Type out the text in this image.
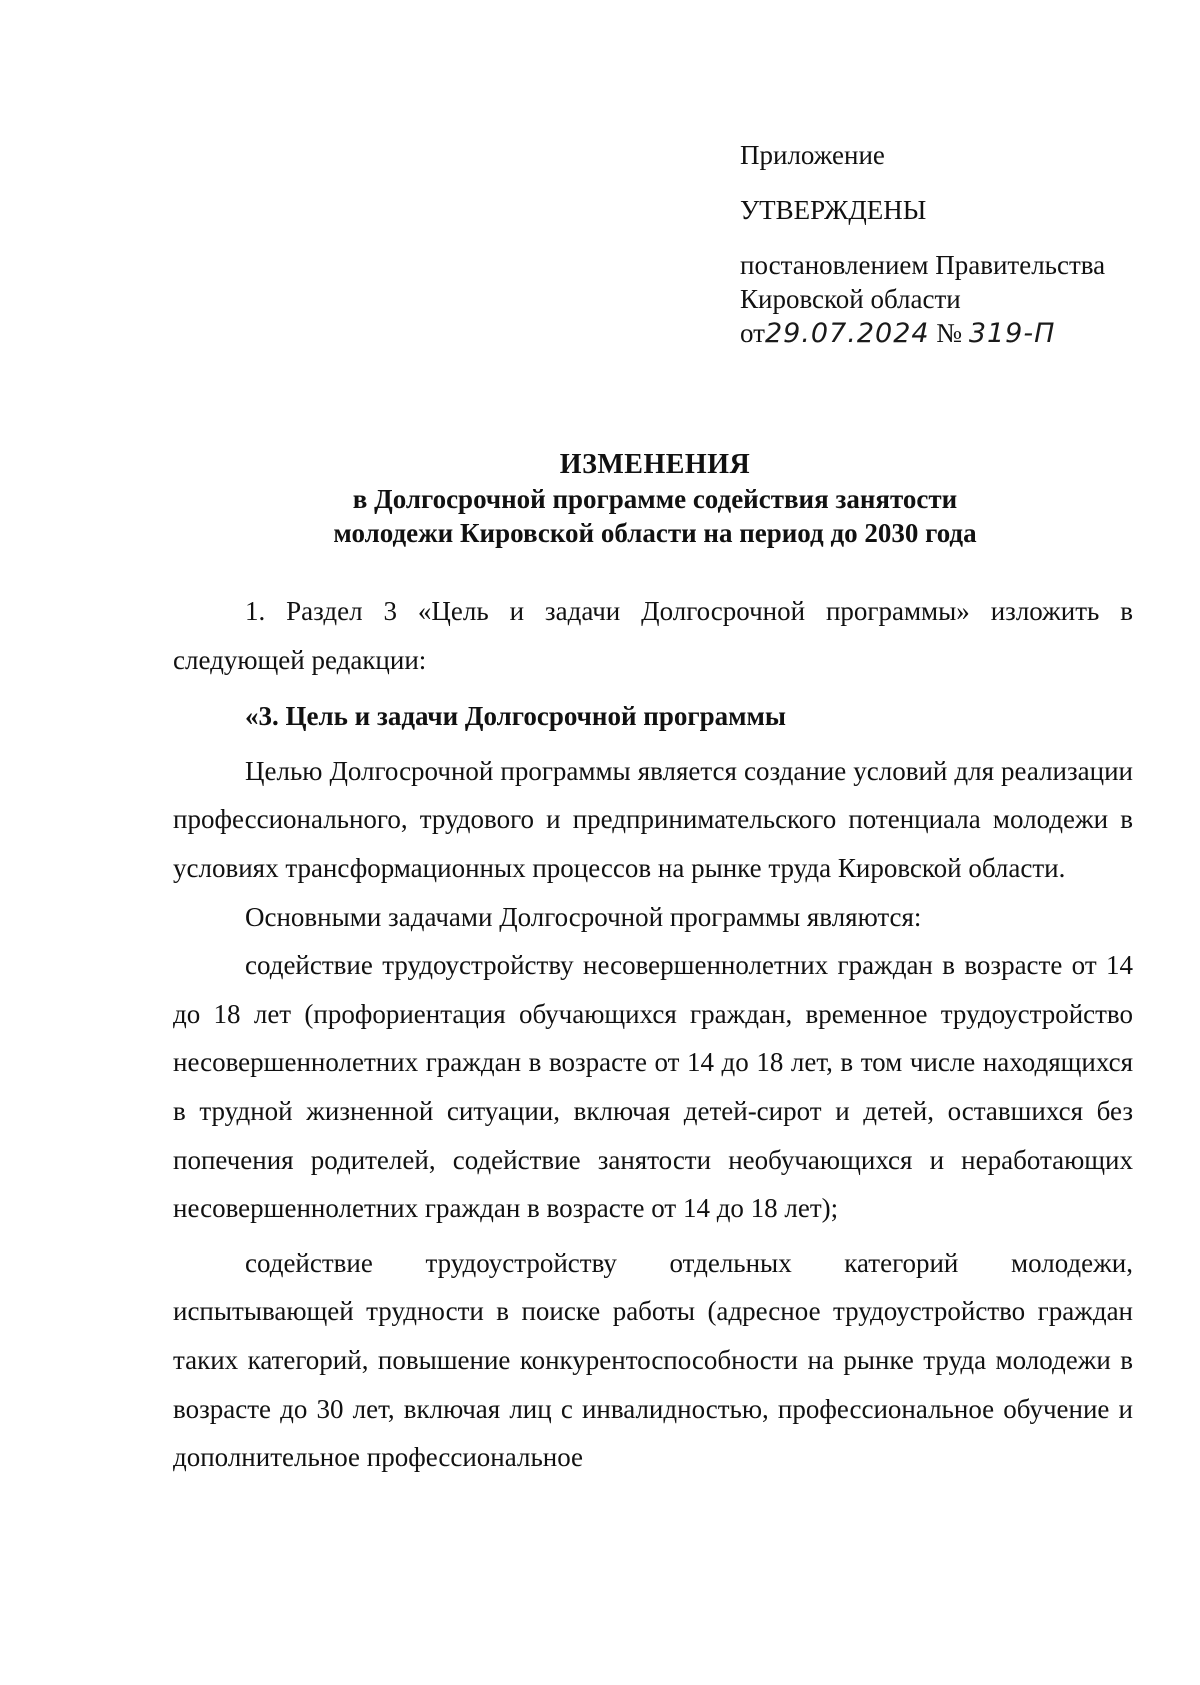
Приложение

УТВЕРЖДЕНЫ

постановлением Правительства

Кировской области

от29.07.2024 № 319-П

ИЗМЕНЕНИЯ
в Долгосрочной программе содействия занятости
молодежи Кировской области на период до 2030 года

1. Раздел 3 «Цель и задачи Долгосрочной программы» изложить в следующей редакции:

«3. Цель и задачи Долгосрочной программы

Целью Долгосрочной программы является создание условий для реализации профессионального, трудового и предпринимательского потенциала молодежи в условиях трансформационных процессов на рынке труда Кировской области.

Основными задачами Долгосрочной программы являются:

содействие трудоустройству несовершеннолетних граждан в возрасте от 14 до 18 лет (профориентация обучающихся граждан, временное трудоустройство несовершеннолетних граждан в возрасте от 14 до 18 лет, в том числе находящихся в трудной жизненной ситуации, включая детей-сирот и детей, оставшихся без попечения родителей, содействие занятости необучающихся и неработающих несовершеннолетних граждан в возрасте от 14 до 18 лет);

содействие трудоустройству отдельных категорий молодежи, испытывающей трудности в поиске работы (адресное трудоустройство граждан таких категорий, повышение конкурентоспособности на рынке труда молодежи в возрасте до 30 лет, включая лиц с инвалидностью, профессиональное обучение и дополнительное профессиональное
